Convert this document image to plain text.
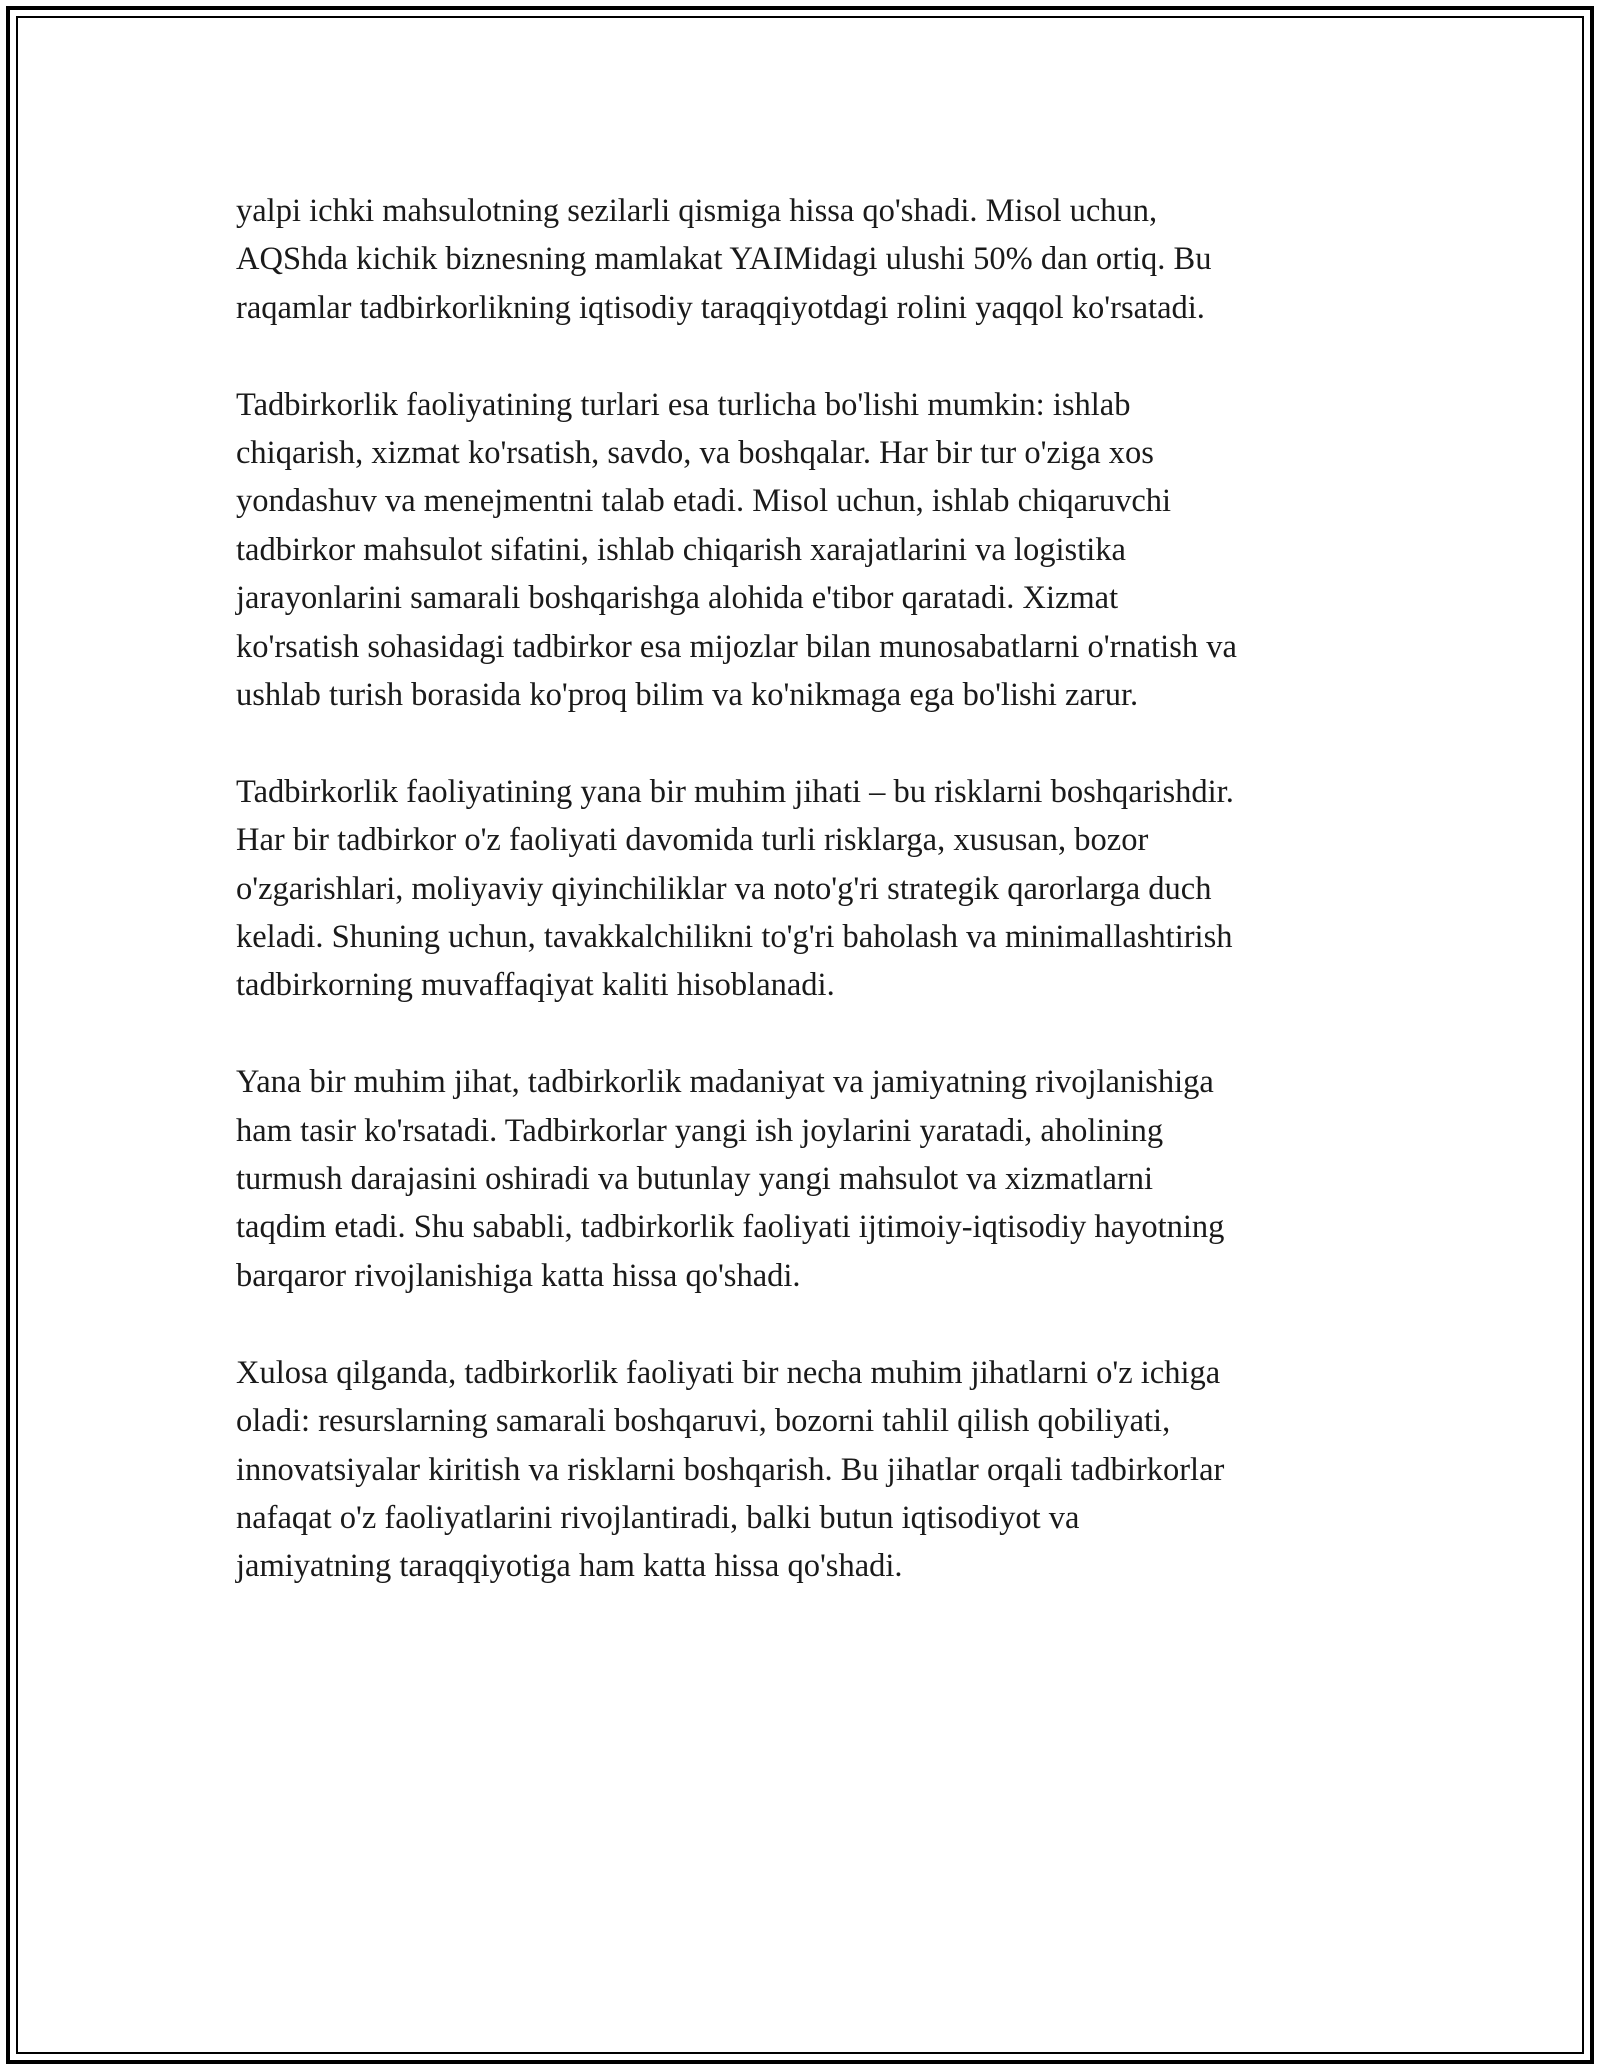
yalpi ichki mahsulotning sezilarli qismiga hissa qo'shadi. Misol uchun,
AQShda kichik biznesning mamlakat YAIMidagi ulushi 50% dan ortiq. Bu
raqamlar tadbirkorlikning iqtisodiy taraqqiyotdagi rolini yaqqol ko'rsatadi.

Tadbirkorlik faoliyatining turlari esa turlicha bo'lishi mumkin: ishlab
chiqarish, xizmat ko'rsatish, savdo, va boshqalar. Har bir tur o'ziga xos
yondashuv va menejmentni talab etadi. Misol uchun, ishlab chiqaruvchi
tadbirkor mahsulot sifatini, ishlab chiqarish xarajatlarini va logistika
jarayonlarini samarali boshqarishga alohida e'tibor qaratadi. Xizmat
ko'rsatish sohasidagi tadbirkor esa mijozlar bilan munosabatlarni o'rnatish va
ushlab turish borasida ko'proq bilim va ko'nikmaga ega bo'lishi zarur.

Tadbirkorlik faoliyatining yana bir muhim jihati – bu risklarni boshqarishdir.
Har bir tadbirkor o'z faoliyati davomida turli risklarga, xususan, bozor
o'zgarishlari, moliyaviy qiyinchiliklar va noto'g'ri strategik qarorlarga duch
keladi. Shuning uchun, tavakkalchilikni to'g'ri baholash va minimallashtirish
tadbirkorning muvaffaqiyat kaliti hisoblanadi.

Yana bir muhim jihat, tadbirkorlik madaniyat va jamiyatning rivojlanishiga
ham tasir ko'rsatadi. Tadbirkorlar yangi ish joylarini yaratadi, aholining
turmush darajasini oshiradi va butunlay yangi mahsulot va xizmatlarni
taqdim etadi. Shu sababli, tadbirkorlik faoliyati ijtimoiy-iqtisodiy hayotning
barqaror rivojlanishiga katta hissa qo'shadi.

Xulosa qilganda, tadbirkorlik faoliyati bir necha muhim jihatlarni o'z ichiga
oladi: resurslarning samarali boshqaruvi, bozorni tahlil qilish qobiliyati,
innovatsiyalar kiritish va risklarni boshqarish. Bu jihatlar orqali tadbirkorlar
nafaqat o'z faoliyatlarini rivojlantiradi, balki butun iqtisodiyot va
jamiyatning taraqqiyotiga ham katta hissa qo'shadi.
